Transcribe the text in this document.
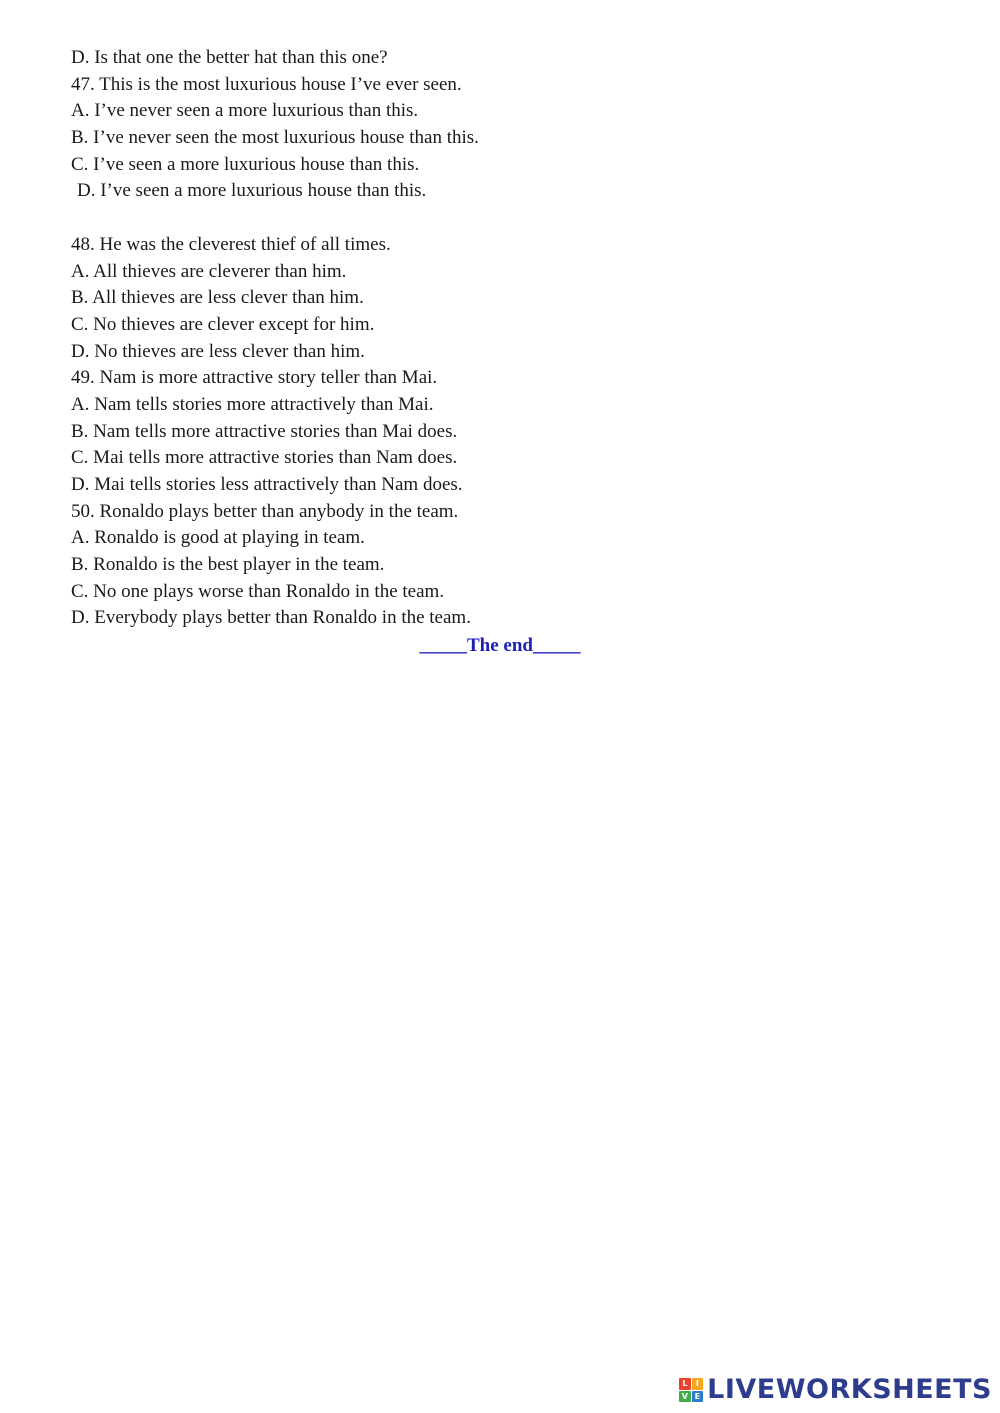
D. Is that one the better hat than this one?
47. This is the most luxurious house I’ve ever seen.
A. I’ve never seen a more luxurious than this.
B. I’ve never seen the most luxurious house than this.
C. I’ve seen a more luxurious house than this.
D. I’ve seen a more luxurious house than this.
48. He was the cleverest thief of all times.
A. All thieves are cleverer than him.
B. All thieves are less clever than him.
C. No thieves are clever except for him.
D. No thieves are less clever than him.
49. Nam is more attractive story teller than Mai.
A. Nam tells stories more attractively than Mai.
B. Nam tells more attractive stories than Mai does.
C. Mai tells more attractive stories than Nam does.
D. Mai tells stories less attractively than Nam does.
50. Ronaldo plays better than anybody in the team.
A. Ronaldo is good at playing in team.
B. Ronaldo is the best player in the team.
C. No one plays worse than Ronaldo in the team.
D. Everybody plays better than Ronaldo in the team.
_____The end_____
L	I
V E LIVEWORKSHEETS
